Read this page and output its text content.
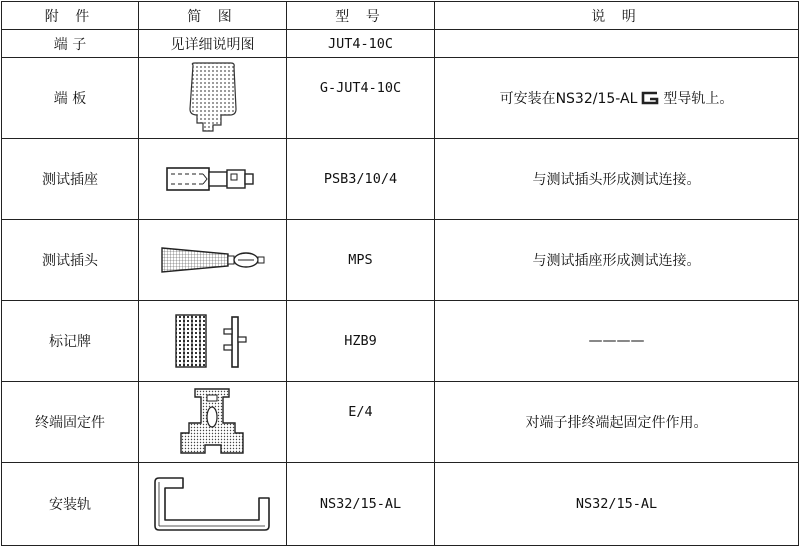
附 件	简 图	型 号	说 明
端 子	见详细说明图	JUT4-10C	
端 板		G-JUT4-10C	可安装在NS32/15-AL 型导轨上。
测试插座		PSB3/10/4	与测试插头形成测试连接。
测试插头		MPS	与测试插座形成测试连接。
标记牌		HZB9	————
终端固定件		E/4	对端子排终端起固定件作用。
安装轨		NS32/15-AL	NS32/15-AL
